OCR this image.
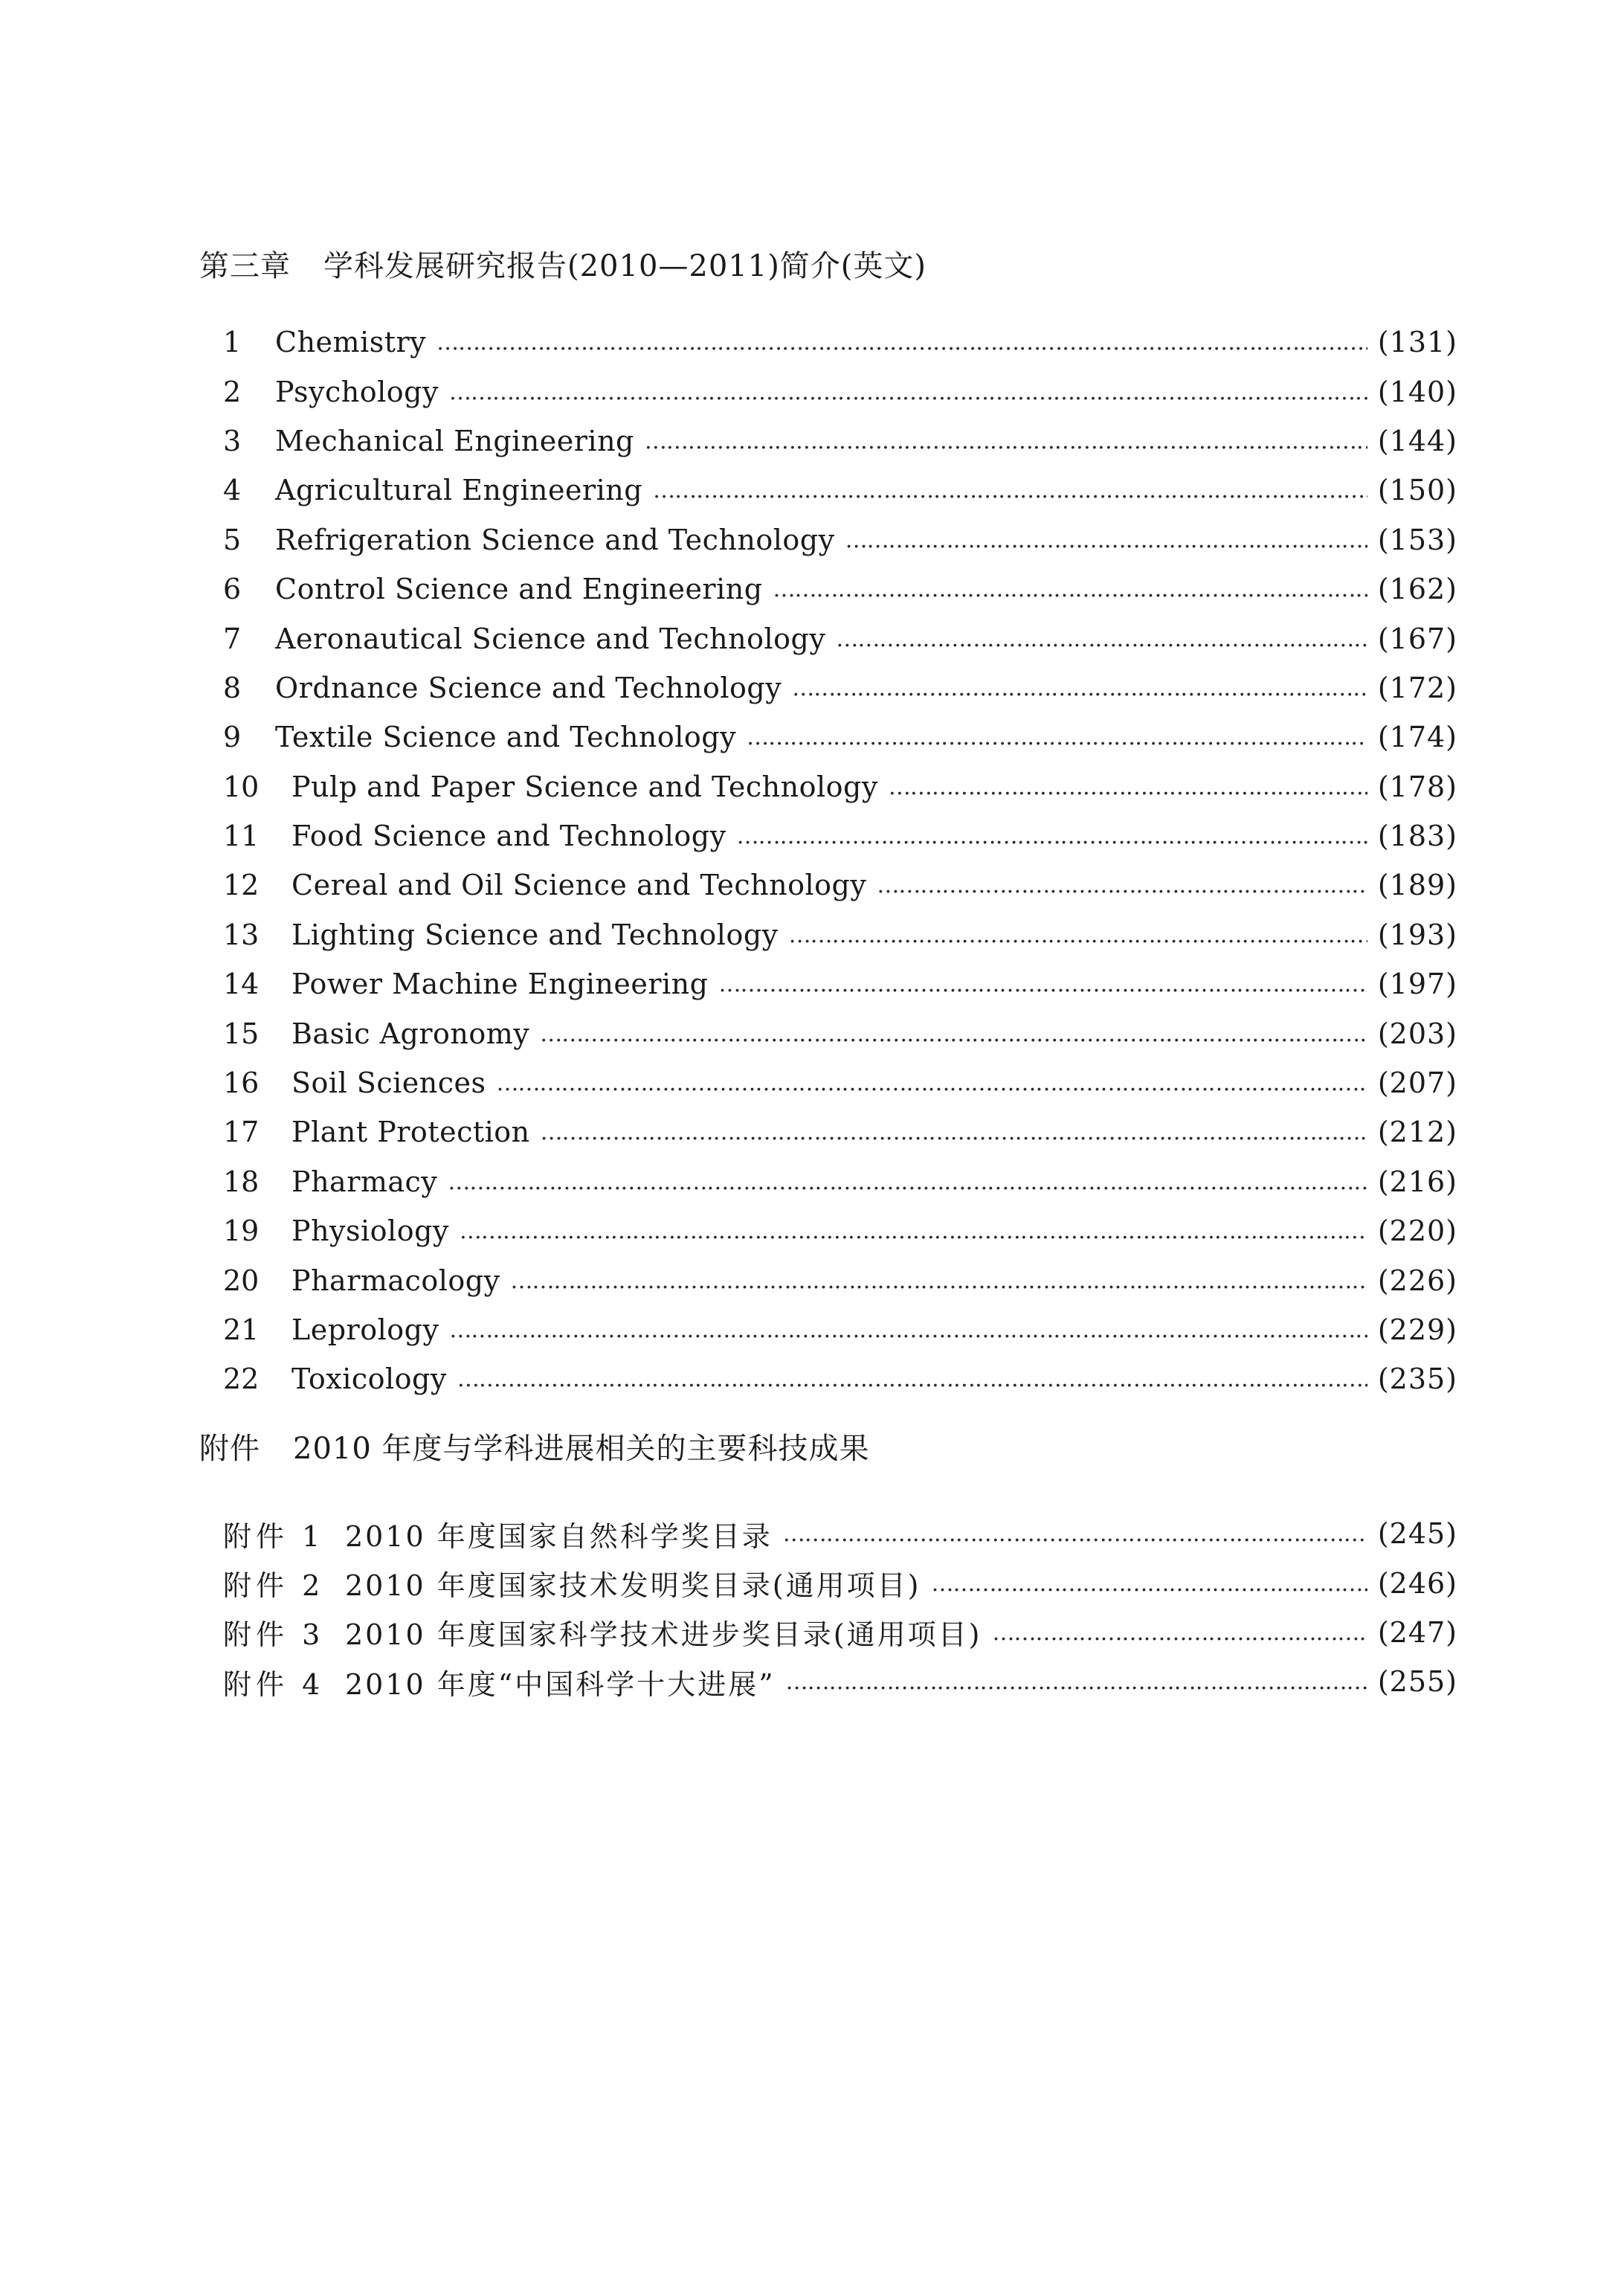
第三章 学科发展研究报告(2010—2011)简介(英文)
1	Chemistry ……………………………………………………………………………………………………………………………………………………………………………………………………………………………………………………	(131)
2	Psychology ……………………………………………………………………………………………………………………………………………………………………………………………………………………………………………………	(140)
3	Mechanical Engineering ……………………………………………………………………………………………………………………………………………………………………………………………………………………………………………………	(144)
4	Agricultural Engineering ……………………………………………………………………………………………………………………………………………………………………………………………………………………………………………………	(150)
5	Refrigeration Science and Technology ……………………………………………………………………………………………………………………………………………………………………………………………………………………………………………………	(153)
6	Control Science and Engineering ……………………………………………………………………………………………………………………………………………………………………………………………………………………………………………………	(162)
7	Aeronautical Science and Technology ……………………………………………………………………………………………………………………………………………………………………………………………………………………………………………………	(167)
8	Ordnance Science and Technology ……………………………………………………………………………………………………………………………………………………………………………………………………………………………………………………	(172)
9	Textile Science and Technology ……………………………………………………………………………………………………………………………………………………………………………………………………………………………………………………	(174)
10	Pulp and Paper Science and Technology ……………………………………………………………………………………………………………………………………………………………………………………………………………………………………………………	(178)
11	Food Science and Technology ……………………………………………………………………………………………………………………………………………………………………………………………………………………………………………………	(183)
12	Cereal and Oil Science and Technology ……………………………………………………………………………………………………………………………………………………………………………………………………………………………………………………	(189)
13	Lighting Science and Technology ……………………………………………………………………………………………………………………………………………………………………………………………………………………………………………………	(193)
14	Power Machine Engineering ……………………………………………………………………………………………………………………………………………………………………………………………………………………………………………………	(197)
15	Basic Agronomy ……………………………………………………………………………………………………………………………………………………………………………………………………………………………………………………	(203)
16	Soil Sciences ……………………………………………………………………………………………………………………………………………………………………………………………………………………………………………………	(207)
17	Plant Protection ……………………………………………………………………………………………………………………………………………………………………………………………………………………………………………………	(212)
18	Pharmacy ……………………………………………………………………………………………………………………………………………………………………………………………………………………………………………………	(216)
19	Physiology ……………………………………………………………………………………………………………………………………………………………………………………………………………………………………………………	(220)
20	Pharmacology ……………………………………………………………………………………………………………………………………………………………………………………………………………………………………………………	(226)
21	Leprology ……………………………………………………………………………………………………………………………………………………………………………………………………………………………………………………	(229)
22	Toxicology ……………………………………………………………………………………………………………………………………………………………………………………………………………………………………………………	(235)
附件 2010 年度与学科进展相关的主要科技成果
附件 1 2010 年度国家自然科学奖目录 ……………………………………………………………………………………………………………………………………………………………………………………………………………………………………………………	(245)
附件 2 2010 年度国家技术发明奖目录(通用项目) ……………………………………………………………………………………………………………………………………………………………………………………………………………………………………………………	(246)
附件 3 2010 年度国家科学技术进步奖目录(通用项目) ……………………………………………………………………………………………………………………………………………………………………………………………………………………………………………………	(247)
附件 4 2010 年度“中国科学十大进展” ……………………………………………………………………………………………………………………………………………………………………………………………………………………………………………………	(255)
